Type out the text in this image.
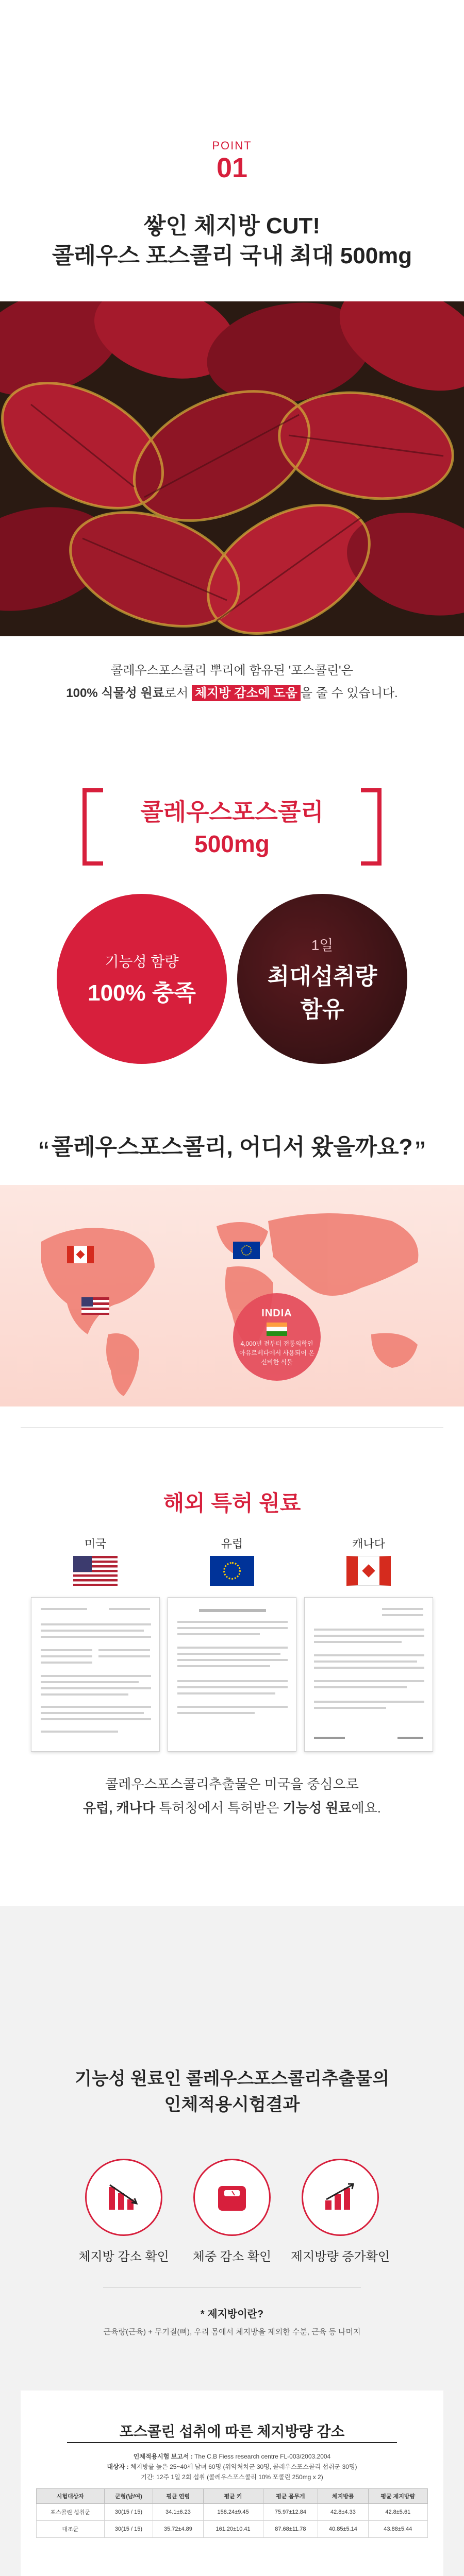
POINT
01
쌓인 체지방 CUT!
콜레우스 포스콜리 국내 최대 500mg
콜레우스포스콜리 뿌리에 함유된 '포스콜린'은
100% 식물성 원료로서 체지방 감소에 도움 을 줄 수 있습니다.
콜레우스포스콜리
500mg
기능성 함량
100% 충족
1일
최대섭취량
함유
“ 콜레우스포스콜리, 어디서 왔을까요? ”
INDIA
4,000년 전부터 전통의학인
아유르베다에서 사용되어 온
신비한 식물
해외 특허 원료
미국	유럽	캐나다
콜레우스포스콜리추출물은 미국을 중심으로
유럽, 캐나다 특허청에서 특허받은 기능성 원료예요.
기능성 원료인 콜레우스포스콜리추출물의
인체적용시험결과
체지방 감소 확인	체중 감소 확인	제지방량 증가확인
* 제지방이란?
근육량(근육) + 무기질(뼈), 우리 몸에서 체지방을 제외한 수분, 근육 등 나머지
포스콜린 섭취에 따른 체지방량 감소
인체적용시험 보고서 : The C.B Fiess research centre FL-003/2003.2004
대상자 : 체지방률 높은 25~40세 남녀 60명 (위약처치군 30명, 콜레우스포스콜리 섭취군 30명)
기간: 12주 1일 2회 섭취 (콜레우스포스콜리 10% 포콜린 250mg x 2)
시험대상자	군형(남/여)	평균 연령	평균 키	평균 몸무게	체지방률	평균 제지방량
포스콜린 섭취군	30(15 / 15)	34.1±6.23	158.24±9.45	75.97±12.84	42.8±4.33	42.8±5.61
대조군	30(15 / 15)	35.72±4.89	161.20±10.41	87.68±11.78	40.85±5.14	43.88±5.44
